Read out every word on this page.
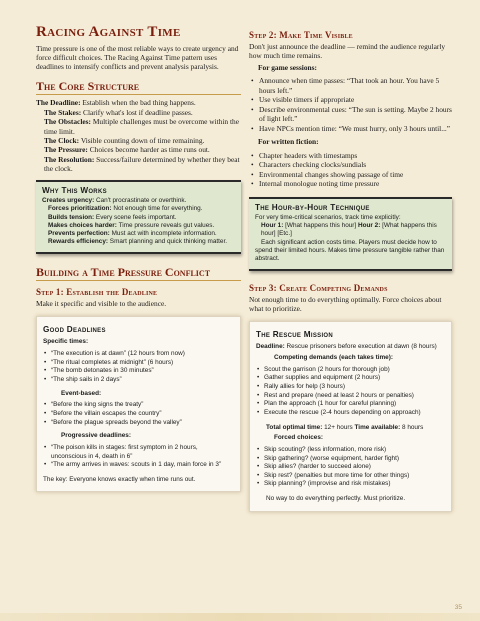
Racing Against Time

Time pressure is one of the most reliable ways to create urgency and force difficult choices. The Racing Against Time pattern uses deadlines to intensify conflicts and prevent analysis paralysis.

The Core Structure

The Deadline: Establish when the bad thing happens.

The Stakes: Clarify what's lost if deadline passes.

The Obstacles: Multiple challenges must be overcome within the time limit.

The Clock: Visible counting down of time remaining.

The Pressure: Choices become harder as time runs out.

The Resolution: Success/failure determined by whether they beat the clock.

Why This Works

Creates urgency: Can't procrastinate or overthink.

Forces prioritization: Not enough time for everything.

Builds tension: Every scene feels important.

Makes choices harder: Time pressure reveals gut values.

Prevents perfection: Must act with incomplete information.

Rewards efficiency: Smart planning and quick thinking matter.

Building a Time Pressure Conflict
Step 1: Establish the Deadline

Make it specific and visible to the audience.

Good Deadlines

Specific times:

• “The execution is at dawn” (12 hours from now)
• “The ritual completes at midnight” (6 hours)
• “The bomb detonates in 30 minutes”
• “The ship sails in 2 days”

Event-based:

• “Before the king signs the treaty”
• “Before the villain escapes the country”
• “Before the plague spreads beyond the valley”

Progressive deadlines:

• “The poison kills in stages: first symptom in 2 hours, unconscious in 4, death in 6”
• “The army arrives in waves: scouts in 1 day, main force in 3”

The key: Everyone knows exactly when time runs out.

Step 2: Make Time Visible

Don't just announce the deadline — remind the audience regularly how much time remains.

For game sessions:

• Announce when time passes: “That took an hour. You have 5 hours left.”
• Use visible timers if appropriate
• Describe environmental cues: “The sun is setting. Maybe 2 hours of light left.”
• Have NPCs mention time: “We must hurry, only 3 hours until...”

For written fiction:

• Chapter headers with timestamps
• Characters checking clocks/sundials
• Environmental changes showing passage of time
• Internal monologue noting time pressure
The Hour-by-Hour Technique

For very time-critical scenarios, track time explicitly:

Hour 1: [What happens this hour] Hour 2: [What happens this hour] [Etc.]

Each significant action costs time. Players must decide how to spend their limited hours. Makes time pressure tangible rather than abstract.

Step 3: Create Competing Demands

Not enough time to do everything optimally. Force choices about what to prioritize.

The Rescue Mission

Deadline: Rescue prisoners before execution at dawn (8 hours)

Competing demands (each takes time):

• Scout the garrison (2 hours for thorough job)
• Gather supplies and equipment (2 hours)
• Rally allies for help (3 hours)
• Rest and prepare (need at least 2 hours or penalties)
• Plan the approach (1 hour for careful planning)
• Execute the rescue (2-4 hours depending on approach)

Total optimal time: 12+ hours Time available: 8 hours

Forced choices:

• Skip scouting? (less information, more risk)
• Skip gathering? (worse equipment, harder fight)
• Skip allies? (harder to succeed alone)
• Skip rest? (penalties but more time for other things)
• Skip planning? (improvise and risk mistakes)

No way to do everything perfectly. Must prioritize.

35
